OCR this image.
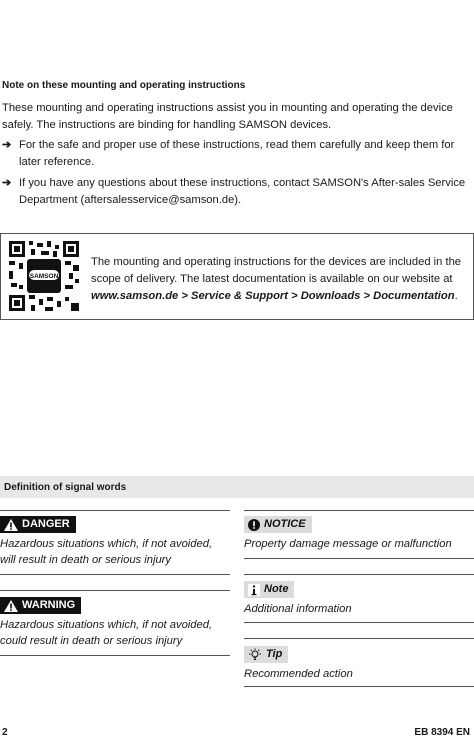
Note on these mounting and operating instructions

These mounting and operating instructions assist you in mounting and operating the device safely. The instructions are binding for handling SAMSON devices.

➔ For the safe and proper use of these instructions, read them carefully and keep them for later reference.
➔ If you have any questions about these instructions, contact SAMSON's After-sales Service Department (aftersalesservice@samson.de).
SAMSON

The mounting and operating instructions for the devices are included in the scope of delivery. The latest documentation is available on our website at www.samson.de > Service & Support > Downloads > Documentation.

Definition of signal words
DANGER
Hazardous situations which, if not avoided, will result in death or serious injury
WARNING
Hazardous situations which, if not avoided, could result in death or serious injury
NOTICE
Property damage message or malfunction
Note
Additional information
Tip
Recommended action
2	EB 8394 EN
